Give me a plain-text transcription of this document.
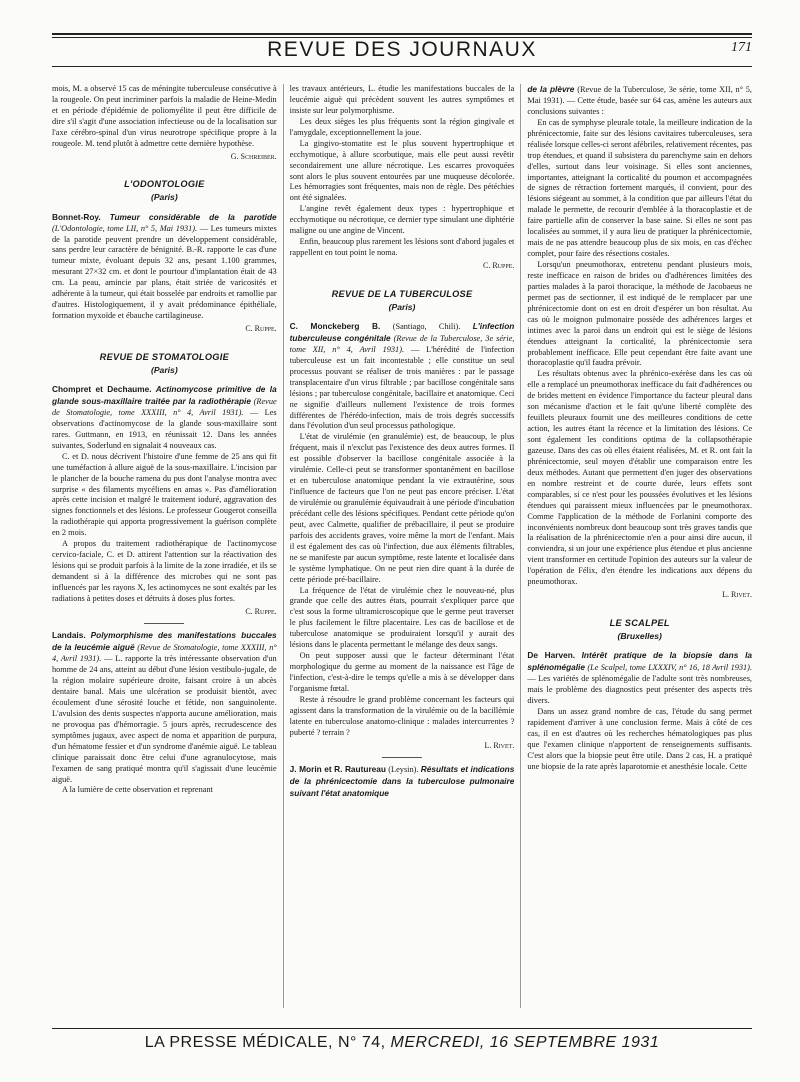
REVUE DES JOURNAUX	171

mois, M. a observé 15 cas de méningite tuberculeuse consécutive à la rougeole. On peut incriminer parfois la maladie de Heine-Medin et en période d'épidémie de poliomyélite il peut être difficile de dire s'il s'agit d'une association infectieuse ou de la localisation sur l'axe cérébro-spinal d'un virus neurotrope spécifique propre à la rougeole. M. tend plutôt à admettre cette dernière hypothèse.

G. Schreiber.
L'ODONTOLOGIE
(Paris)

Bonnet-Roy. Tumeur considérable de la parotide (L'Odontologie, tome LII, n° 5, Mai 1931). — Les tumeurs mixtes de la parotide peuvent prendre un développement considérable, sans perdre leur caractère de bénignité. B.-R. rapporte le cas d'une tumeur mixte, évoluant depuis 32 ans, pesant 1.100 grammes, mesurant 27×32 cm. et dont le pourtour d'implantation était de 43 cm. La peau, amincie par plans, était striée de varicosités et adhérente à la tumeur, qui était bosselée par endroits et ramollie par d'autres. Histologiquement, il y avait prédominance épithéliale, formation myxoïde et ébauche cartilagineuse.

C. Ruppe.
REVUE DE STOMATOLOGIE
(Paris)

Chompret et Dechaume. Actinomycose primitive de la glande sous-maxillaire traitée par la radiothérapie (Revue de Stomatologie, tome XXXIII, n° 4, Avril 1931). — Les observations d'actinomycose de la glande sous-maxillaire sont rares. Guttmann, en 1913, en réunissait 12. Dans les années suivantes, Soderlund en signalait 4 nouveaux cas.

C. et D. nous décrivent l'histoire d'une femme de 25 ans qui fit une tuméfaction à allure aiguë de la sous-maxillaire. L'incision par le plancher de la bouche ramena du pus dont l'analyse montra avec surprise « des filaments mycéliens en amas ». Pas d'amélioration après cette incision et malgré le traitement ioduré, aggravation des signes fonctionnels et des lésions. Le professeur Gougerot conseilla la radiothérapie qui apporta progressivement la guérison complète en 2 mois.

A propos du traitement radiothérapique de l'actinomycose cervico-faciale, C. et D. attirent l'attention sur la réactivation des lésions qui se produit parfois à la limite de la zone irradiée, et ils se demandent si à la différence des microbes qui ne sont pas influencés par les rayons X, les actinomyces ne sont exaltés par les radiations à petites doses et détruits à doses plus fortes.

C. Ruppe.

Landais. Polymorphisme des manifestations buccales de la leucémie aiguë (Revue de Stomatologie, tome XXXIII, n° 4, Avril 1931). — L. rapporte la très intéressante observation d'un homme de 24 ans, atteint au début d'une lésion vestibulo-jugale, de la région molaire supérieure droite, faisant croire à un abcès dentaire banal. Mais une ulcération se produisit bientôt, avec écoulement d'une sérosité louche et fétide, non sanguinolente. L'avulsion des dents suspectes n'apporta aucune amélioration, mais ne provoqua pas d'hémorragie. 5 jours après, recrudescence des symptômes jugaux, avec aspect de noma et apparition de purpura, d'un hématome fessier et d'un syndrome d'anémie aiguë. Le tableau clinique paraissait donc être celui d'une agranulocytose, mais l'examen de sang pratiqué montra qu'il s'agissait d'une leucémie aiguë.

A la lumière de cette observation et reprenant

les travaux antérieurs, L. étudie les manifestations buccales de la leucémie aiguë qui précèdent souvent les autres symptômes et insiste sur leur polymorphisme.

Les deux sièges les plus fréquents sont la région gingivale et l'amygdale, exceptionnellement la joue.

La gingivo-stomatite est le plus souvent hypertrophique et ecchymotique, à allure scorbutique, mais elle peut aussi revêtir secondairement une allure nécrotique. Les escarres provoquées sont alors le plus souvent entourées par une muqueuse décolorée. Les hémorragies sont fréquentes, mais non de règle. Des pétéchies ont été signalées.

L'angine revêt également deux types : hypertrophique et ecchymotique ou nécrotique, ce dernier type simulant une diphtérie maligne ou une angine de Vincent.

Enfin, beaucoup plus rarement les lésions sont d'abord jugales et rappellent en tout point le noma.

C. Ruppe.
REVUE DE LA TUBERCULOSE
(Paris)

C. Monckeberg B. (Santiago, Chili). L'infection tuberculeuse congénitale (Revue de la Tuberculose, 3e série, tome XII, n° 4, Avril 1931). — L'hérédité de l'infection tuberculeuse est un fait incontestable ; elle constitue un seul processus pouvant se réaliser de trois manières : par le passage transplacentaire d'un virus filtrable ; par bacillose congénitale sans lésions ; par tuberculose congénitale, bacillaire et anatomique. Ceci ne signifie d'ailleurs nullement l'existence de trois formes différentes de l'hérédo-infection, mais de trois degrés successifs dans l'évolution d'un seul processus pathologique.

L'état de virulémie (en granulémie) est, de beaucoup, le plus fréquent, mais il n'exclut pas l'existence des deux autres formes. Il est possible d'observer la bacillose congénitale associée à la virulémie. Celle-ci peut se transformer spontanément en bacillose et en tuberculose anatomique pendant la vie extrautérine, sous l'influence de facteurs que l'on ne peut pas encore préciser. L'état de virulémie ou granulémie équivaudrait à une période d'incubation précédant celle des lésions spécifiques. Pendant cette période qu'on peut, avec Calmette, qualifier de prébacillaire, il peut se produire parfois des accidents graves, voire même la mort de l'enfant. Mais il est également des cas où l'infection, due aux éléments filtrables, ne se manifeste par aucun symptôme, reste latente et localisée dans le système lymphatique. On ne peut rien dire quant à la durée de cette période pré-bacillaire.

La fréquence de l'état de virulémie chez le nouveau-né, plus grande que celle des autres états, pourrait s'expliquer parce que c'est sous la forme ultramicroscopique que le germe peut traverser le plus facilement le filtre placentaire. Les cas de bacillose et de tuberculose anatomique se produiraient lorsqu'il y aurait des lésions dans le placenta permettant le mélange des deux sangs.

On peut supposer aussi que le facteur déterminant l'état morphologique du germe au moment de la naissance est l'âge de l'infection, c'est-à-dire le temps qu'elle a mis à se développer dans l'organisme fœtal.

Reste à résoudre le grand problème concernant les facteurs qui agissent dans la transformation de la virulémie ou de la bacillémie latente en tuberculose anatomo-clinique : malades intercurrentes ? puberté ? terrain ?

L. Rivet.

J. Morin et R. Rautureau (Leysin). Résultats et indications de la phrénicectomie dans la tuberculose pulmonaire suivant l'état anatomique

de la plèvre (Revue de la Tuberculose, 3e série, tome XII, n° 5, Mai 1931). — Cette étude, basée sur 64 cas, amène les auteurs aux conclusions suivantes :

En cas de symphyse pleurale totale, la meilleure indication de la phrénicectomie, faite sur des lésions cavitaires tuberculeuses, sera réalisée lorsque celles-ci seront afébriles, relativement récentes, pas trop étendues, et quand il subsistera du parenchyme sain en dehors d'elles, surtout dans leur voisinage. Si elles sont anciennes, importantes, atteignant la corticalité du poumon et accompagnées de signes de rétraction fortement marqués, il convient, pour des lésions siégeant au sommet, à la condition que par ailleurs l'état du malade le permette, de recourir d'emblée à la thoracoplastie et de faire partielle afin de conserver la base saine. Si elles ne sont pas localisées au sommet, il y aura lieu de pratiquer la phrénicectomie, mais de ne pas attendre beaucoup plus de six mois, en cas d'échec complet, pour faire des résections costales.

Lorsqu'un pneumothorax, entretenu pendant plusieurs mois, reste inefficace en raison de brides ou d'adhérences limitées des parties malades à la paroi thoracique, la méthode de Jacobaeus ne permet pas de sectionner, il est indiqué de le remplacer par une phrénicectomie dont on est en droit d'espérer un bon résultat. Au cas où le moignon pulmonaire possède des adhérences larges et intimes avec la paroi dans un endroit qui est le siège de lésions étendues atteignant la corticalité, la phrénicectomie sera probablement inefficace. Elle peut cependant être faite avant une thoracoplastie qu'il faudra prévoir.

Les résultats obtenus avec la phrénico-exérèse dans les cas où elle a remplacé un pneumothorax inefficace du fait d'adhérences ou de brides mettent en évidence l'importance du facteur pleural dans son mécanisme d'action et le fait qu'une liberté complète des feuillets pleuraux fournit une des meilleures conditions de cette action, les autres étant la récence et la limitation des lésions. Ce sont également les conditions optima de la collapsothérapie gazeuse. Dans des cas où elles étaient réalisées, M. et R. ont fait la phrénicectomie, seul moyen d'établir une comparaison entre les deux méthodes. Autant que permettent d'en juger des observations en nombre restreint et de courte durée, leurs effets sont comparables, si ce n'est pour les poussées évolutives et les lésions étendues qui paraissent mieux influencées par le pneumothorax. Comme l'application de la méthode de Forlanini comporte des inconvénients nombreux dont beaucoup sont très graves tandis que la réalisation de la phrénicectomie n'en a pour ainsi dire aucun, il conviendra, si un jour une expérience plus étendue et plus ancienne vient transformer en certitude l'opinion des auteurs sur la valeur de l'opération de Félix, d'en étendre les indications aux dépens du pneumothorax.

L. Rivet.
LE SCALPEL
(Bruxelles)

De Harven. Intérêt pratique de la biopsie dans la splénomégalie (Le Scalpel, tome LXXXIV, n° 16, 18 Avril 1931). — Les variétés de splénomégalie de l'adulte sont très nombreuses, mais le problème des diagnostics peut présenter des aspects très divers.

Dans un assez grand nombre de cas, l'étude du sang permet rapidement d'arriver à une conclusion ferme. Mais à côté de ces cas, il en est d'autres où les recherches hématologiques pas plus que l'examen clinique n'apportent de renseignements suffisants. C'est alors que la biopsie peut être utile. Dans 2 cas, H. a pratiqué une biopsie de la rate après laparotomie et anesthésie locale. Cette

LA PRESSE MÉDICALE, N° 74, MERCREDI, 16 SEPTEMBRE 1931
